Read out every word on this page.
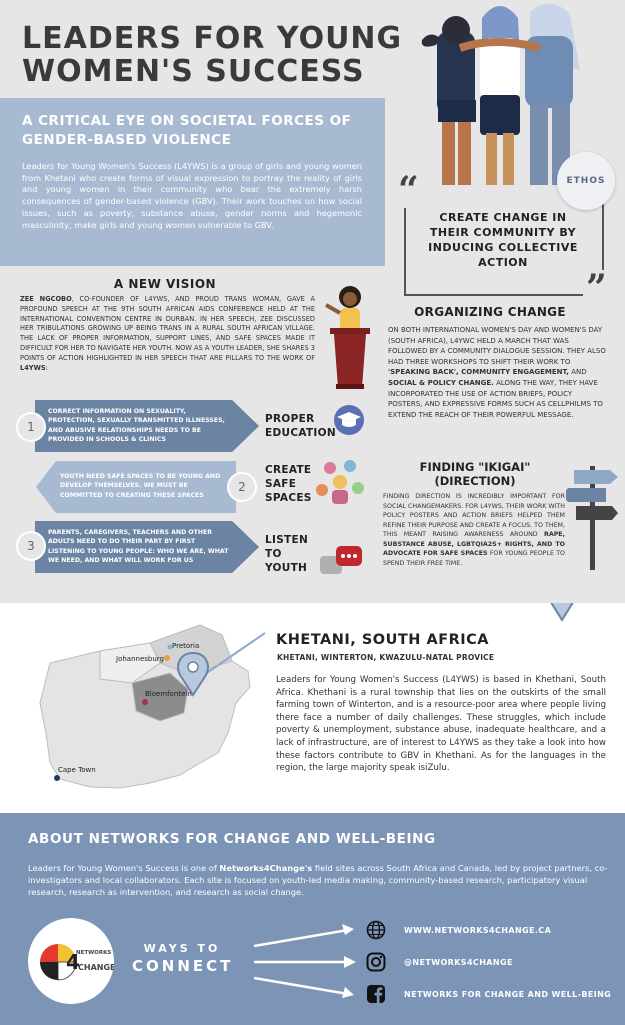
LEADERS FOR YOUNG WOMEN'S SUCCESS
A CRITICAL EYE ON SOCIETAL FORCES OF GENDER-BASED VIOLENCE
Leaders for Young Women's Success (L4YWS) is a group of girls and young women from Khetani who create forms of visual expression to portray the reality of girls and young women in their community who bear the extremely harsh consequences of gender-based violence (GBV). Their work touches on how social issues, such as poverty, substance abuse, gender norms and hegemonic masculinity, make girls and young women vulnerable to GBV.
“
”
ETHOS
CREATE CHANGE IN THEIR COMMUNITY BY INDUCING COLLECTIVE ACTION
A NEW VISION
ZEE NGCOBO, CO-FOUNDER OF L4YWS, AND PROUD TRANS WOMAN, GAVE A PROFOUND SPEECH AT THE 9TH SOUTH AFRICAN AIDS CONFERENCE HELD AT THE INTERNATIONAL CONVENTION CENTRE IN DURBAN. IN HER SPEECH, ZEE DISCUSSED HER TRIBULATIONS GROWING UP BEING TRANS IN A RURAL SOUTH AFRICAN VILLAGE. THE LACK OF PROPER INFORMATION, SUPPORT LINES, AND SAFE SPACES MADE IT DIFFICULT FOR HER TO NAVIGATE HER YOUTH. NOW AS A YOUTH LEADER, SHE SHARES 3 POINTS OF ACTION HIGHLIGHTED IN HER SPEECH THAT ARE PILLARS TO THE WORK OF L4YWS:
ORGANIZING CHANGE
ON BOTH INTERNATIONAL WOMEN'S DAY AND WOMEN'S DAY (SOUTH AFRICA), L4YWC HELD A MARCH THAT WAS FOLLOWED BY A COMMUNITY DIALOGUE SESSION. THEY ALSO HAD THREE WORKSHOPS TO SHIFT THEIR WORK TO 'SPEAKING BACK', COMMUNITY ENGAGEMENT, AND SOCIAL & POLICY CHANGE. ALONG THE WAY, THEY HAVE INCORPORATED THE USE OF ACTION BRIEFS, POLICY POSTERS, AND EXPRESSIVE FORMS SUCH AS CELLPHILMS TO EXTEND THE REACH OF THEIR POWERFUL MESSAGE.
FINDING "IKIGAI" (DIRECTION)
FINDING DIRECTION IS INCREDIBLY IMPORTANT FOR SOCIAL CHANGEMAKERS. FOR L4YWS, THEIR WORK WITH POLICY POSTERS AND ACTION BRIEFS HELPED THEM REFINE THEIR PURPOSE AND CREATE A FOCUS. TO THEM, THIS MEANT RAISING AWARENESS AROUND RAPE, SUBSTANCE ABUSE, LGBTQIA2S+ RIGHTS, AND TO ADVOCATE FOR SAFE SPACES FOR YOUNG PEOPLE TO SPEND THEIR FREE TIME.
CORRECT INFORMATION ON SEXUALITY, PROTECTION, SEXUALLY TRANSMITTED ILLNESSES, AND ABUSIVE RELATIONSHIPS NEEDS TO BE PROVIDED IN SCHOOLS & CLINICS
1
PROPER EDUCATION
YOUTH NEED SAFE SPACES TO BE YOUNG AND DEVELOP THEMSELVES. WE MUST BE COMMITTED TO CREATING THESE SPACES
2
CREATE SAFE SPACES
PARENTS, CAREGIVERS, TEACHERS AND OTHER ADULTS NEED TO DO THEIR PART BY FIRST LISTENING TO YOUNG PEOPLE: WHO WE ARE, WHAT WE NEED, AND WHAT WILL WORK FOR US
3	LISTEN TO YOUTH
Pretoria
Johannesburg
Bloemfontein
Cape Town
KHETANI, SOUTH AFRICA
KHETANI, WINTERTON, KWAZULU-NATAL PROVICE
Leaders for Young Women's Success (L4YWS) is based in Khethani, South Africa. Khethani is a rural township that lies on the outskirts of the small farming town of Winterton, and is a resource-poor area where people living there face a number of daily challenges. These struggles, which include poverty & unemployment, substance abuse, inadequate healthcare, and a lack of infrastructure, are of interest to L4YWS as they take a look into how these factors contribute to GBV in Khethani. As for the languages in the region, the large majority speak isiZulu.
ABOUT NETWORKS FOR CHANGE AND WELL-BEING
Leaders for Young Women's Success is one of Networks4Change's field sites across South Africa and Canada, led by project partners, co-investigators and local collaborators. Each site is focused on youth-led media making, community-based research, participatory visual research, research as intervention, and research as social change.
4
NETWORKS
CHANGE
WAYS TO
CONNECT
WWW.NETWORKS4CHANGE.CA
@NETWORKS4CHANGE
NETWORKS FOR CHANGE AND WELL-BEING
